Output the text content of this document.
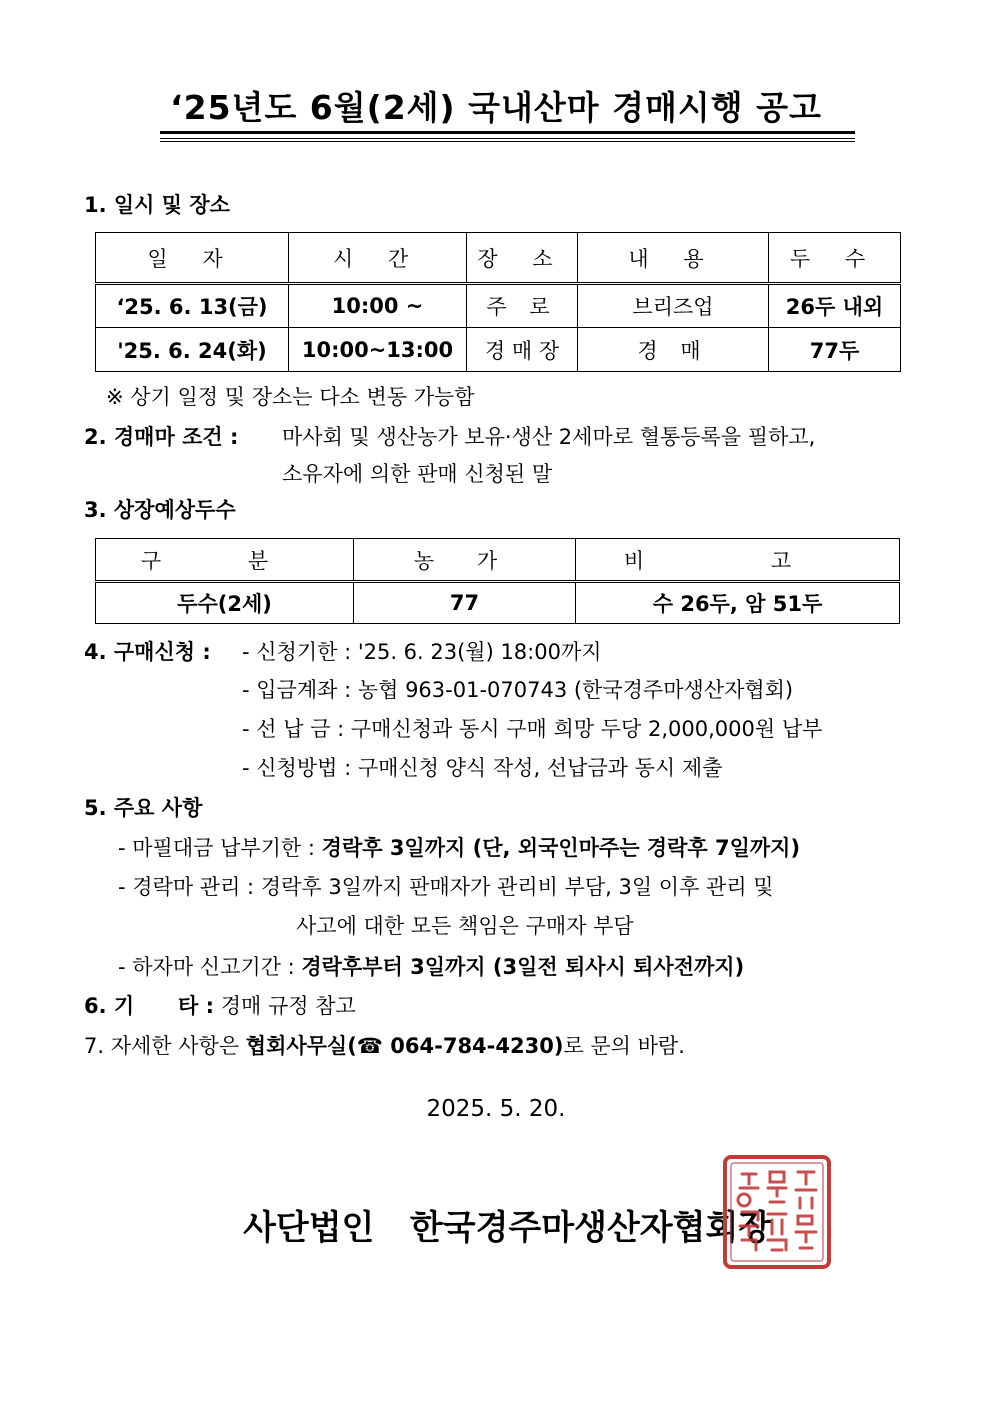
‘25년도 6월(2세) 국내산마 경매시행 공고
1. 일시 및 장소
일 자	시 간	장 소	내 용	두 수
‘25. 6. 13(금)	10:00 ~	주 로	브리즈업	26두 내외
'25. 6. 24(화)	10:00~13:00	경 매 장	경 매	77두
※ 상기 일정 및 장소는 다소 변동 가능함
2. 경매마 조건 : 마사회 및 생산농가 보유·생산 2세마로 혈통등록을 필하고,
소유자에 의한 판매 신청된 말
3. 상장예상두수
구 분	농 가	비 고
두수(2세)	77	수 26두, 암 51두
4. 구매신청 : - 신청기한 : '25. 6. 23(월) 18:00까지
- 입금계좌 : 농협 963-01-070743 (한국경주마생산자협회)
- 선 납 금 : 구매신청과 동시 구매 희망 두당 2,000,000원 납부
- 신청방법 : 구매신청 양식 작성, 선납금과 동시 제출
5. 주요 사항
- 마필대금 납부기한 : 경락후 3일까지 (단, 외국인마주는 경락후 7일까지)
- 경락마 관리 : 경락후 3일까지 판매자가 관리비 부담, 3일 이후 관리 및
사고에 대한 모든 책임은 구매자 부담
- 하자마 신고기간 : 경락후부터 3일까지 (3일전 퇴사시 퇴사전까지)
6. 기      타 : 경매 규정 참고
7. 자세한 사항은 협회사무실(☎ 064-784-4230)로 문의 바람.
2025. 5. 20.
사단법인   한국경주마생산자협회장
